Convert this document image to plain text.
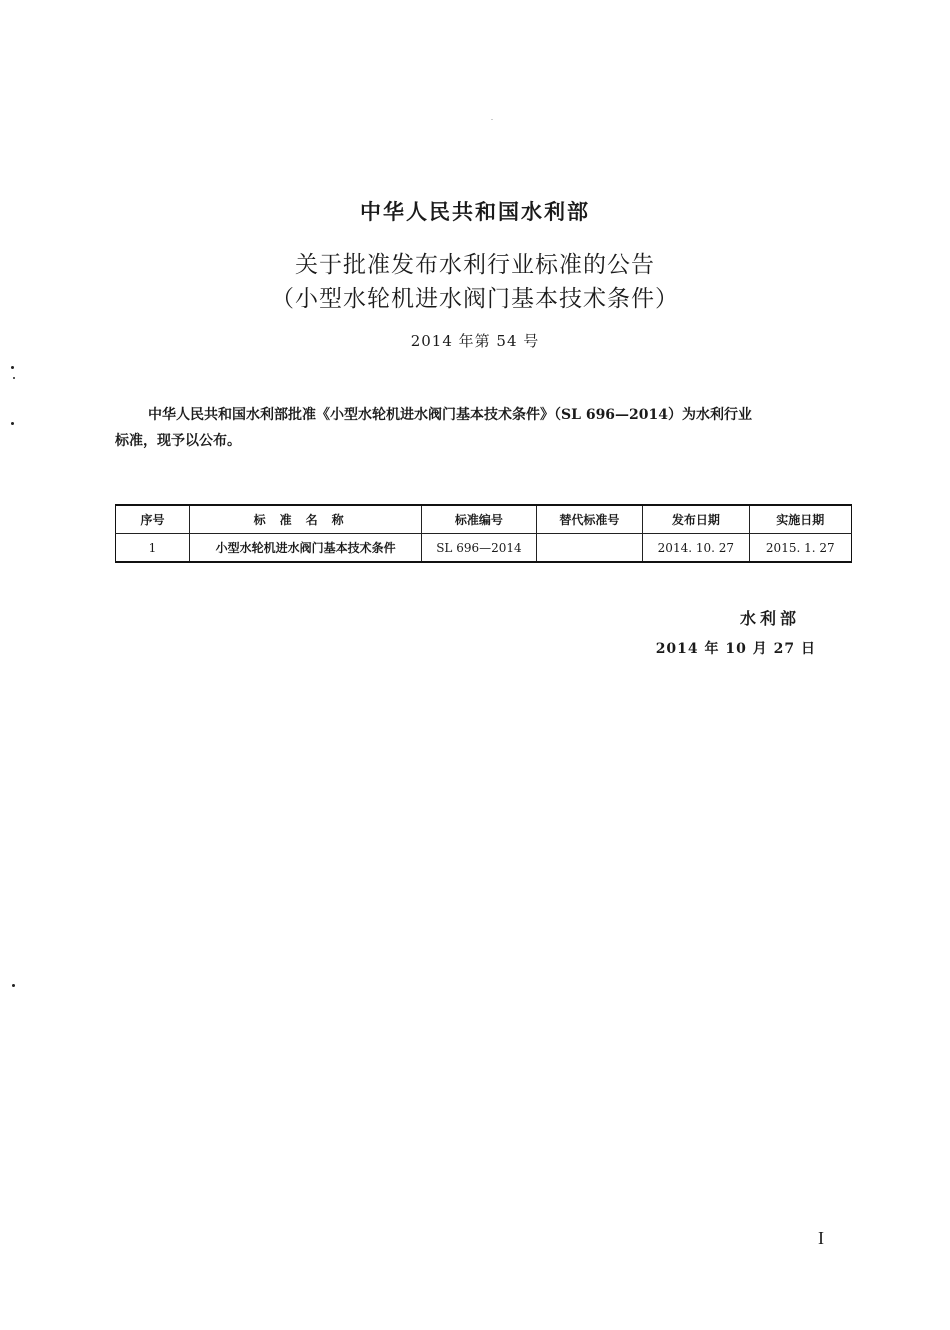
中华人民共和国水利部
关于批准发布水利行业标准的公告
（小型水轮机进水阀门基本技术条件）
2014 年第 54 号
中华人民共和国水利部批准《小型水轮机进水阀门基本技术条件》（SL 696—2014）为水利行业
标准，现予以公布。
序号	标准名称	标准编号	替代标准号	发布日期	实施日期
1	小型水轮机进水阀门基本技术条件	SL 696—2014		2014. 10. 27	2015. 1. 27
水利部
2014 年 10 月 27 日
I
